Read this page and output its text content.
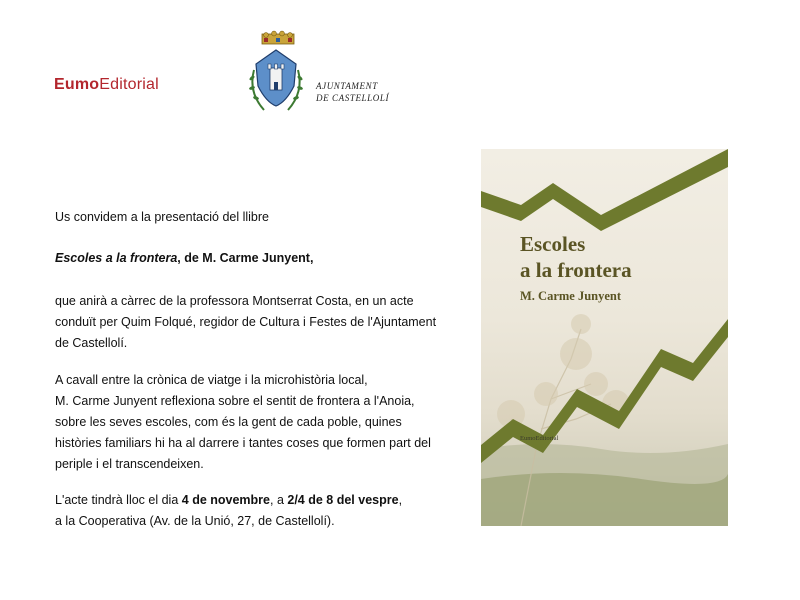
EumoEditorial	AJUNTAMENT
DE CASTELLOLÍ
Us convidem a la presentació del llibre
Escoles a la frontera, de M. Carme Junyent,
que anirà a càrrec de la professora Montserrat Costa, en un acte
conduït per Quim Folqué, regidor de Cultura i Festes de l'Ajuntament
de Castellolí.
A cavall entre la crònica de viatge i la microhistòria local,
M. Carme Junyent reflexiona sobre el sentit de frontera a l'Anoia,
sobre les seves escoles, com és la gent de cada poble, quines
històries familiars hi ha al darrere i tantes coses que formen part del
periple i el transcendeixen.
L'acte tindrà lloc el dia 4 de novembre, a 2/4 de 8 del vespre,
a la Cooperativa (Av. de la Unió, 27, de Castellolí).
Escoles
a la frontera
M. Carme Junyent
EumoEditorial
